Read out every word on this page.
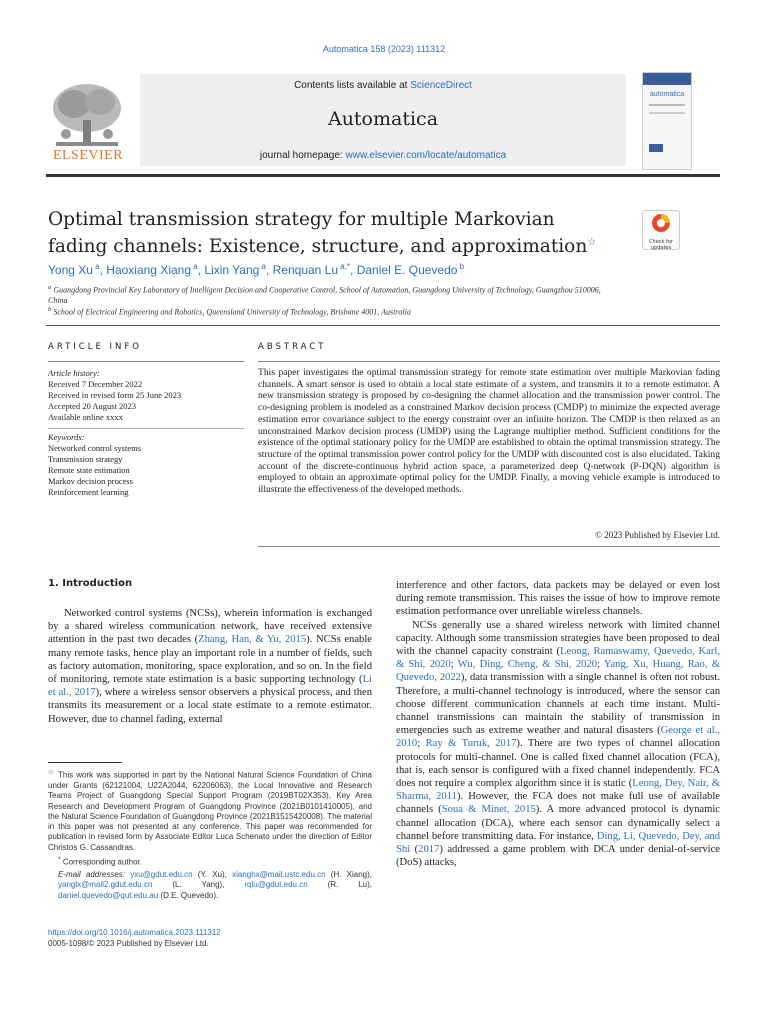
Automatica 158 (2023) 111312
ELSEVIER
Contents lists available at ScienceDirect
Automatica
journal homepage: www.elsevier.com/locate/automatica
automatica
Optimal transmission strategy for multiple Markovian fading channels: Existence, structure, and approximation☆	Check for updates
Yong Xu $^a$, Haoxiang Xiang $^a$, Lixin Yang $^a$, Renquan Lu $^{a,*}$, Daniel E. Quevedo $^b$
$^a$ Guangdong Provincial Key Laboratory of Intelligent Decision and Cooperative Control, School of Automation, Guangdong University of Technology, Guangzhou 510006, China
$^b$ School of Electrical Engineering and Robotics, Queensland University of Technology, Brisbane 4001, Australia
ARTICLE INFO	ABSTRACT
Article history:
Received 7 December 2022
Received in revised form 25 June 2023
Accepted 20 August 2023
Available online xxxx
Keywords:
Networked control systems
Transmission strategy
Remote state estimation
Markov decision process
Reinforcement learning
This paper investigates the optimal transmission strategy for remote state estimation over multiple Markovian fading channels. A smart sensor is used to obtain a local state estimate of a system, and transmits it to a remote estimator. A new transmission strategy is proposed by co-designing the channel allocation and the transmission power control. The co-designing problem is modeled as a constrained Markov decision process (CMDP) to minimize the expected average estimation error covariance subject to the energy constraint over an infinite horizon. The CMDP is then relaxed as an unconstrained Markov decision process (UMDP) using the Lagrange multiplier method. Sufficient conditions for the existence of the optimal stationary policy for the UMDP are established to obtain the optimal transmission strategy. The structure of the optimal transmission power control policy for the UMDP with discounted cost is also elucidated. Taking account of the discrete-continuous hybrid action space, a parameterized deep Q-network (P-DQN) algorithm is employed to obtain an approximate optimal policy for the UMDP. Finally, a moving vehicle example is introduced to illustrate the effectiveness of the developed methods.
© 2023 Published by Elsevier Ltd.
1. Introduction

Networked control systems (NCSs), wherein information is exchanged by a shared wireless communication network, have received extensive attention in the past two decades (Zhang, Han, & Yu, 2015). NCSs enable many remote tasks, hence play an important role in a number of fields, such as factory automation, monitoring, space exploration, and so on. In the field of monitoring, remote state estimation is a basic supporting technology (Li et al., 2017), where a wireless sensor observers a physical process, and then transmits its measurement or a local state estimate to a remote estimator. However, due to channel fading, external

interference and other factors, data packets may be delayed or even lost during remote transmission. This raises the issue of how to improve remote estimation performance over unreliable wireless channels.

NCSs generally use a shared wireless network with limited channel capacity. Although some transmission strategies have been proposed to deal with the channel capacity constraint (Leong, Ramaswamy, Quevedo, Karl, & Shi, 2020; Wu, Ding, Cheng, & Shi, 2020; Yang, Xu, Huang, Rao, & Quevedo, 2022), data transmission with a single channel is often not robust. Therefore, a multi-channel technology is introduced, where the sensor can choose different communication channels at each time instant. Multi-channel transmissions can maintain the stability of transmission in emergencies such as extreme weather and natural disasters (George et al., 2010; Ray & Turuk, 2017). There are two types of channel allocation protocols for multi-channel. One is called fixed channel allocation (FCA), that is, each sensor is configured with a fixed channel independently. FCA does not require a complex algorithm since it is static (Leong, Dey, Nair, & Sharma, 2011). However, the FCA does not make full use of available channels (Soua & Minet, 2015). A more advanced protocol is dynamic channel allocation (DCA), where each sensor can dynamically select a channel before transmitting data. For instance, Ding, Li, Quevedo, Dey, and Shi (2017) addressed a game problem with DCA under denial-of-service (DoS) attacks,

☆ This work was supported in part by the National Natural Science Foundation of China under Grants (62121004, U22A2044, 62206063), the Local Innovative and Research Teams Project of Guangdong Special Support Program (2019BT02X353), Key Area Research and Development Program of Guangdong Province (2021B0101410005), and the Natural Science Foundation of Guangdong Province (2021B1515420008). The material in this paper was not presented at any conference. This paper was recommended for publication in revised form by Associate Editor Luca Schenato under the direction of Editor Christos G. Cassandras.

* Corresponding author.

E-mail addresses: yxu@gdut.edu.cn (Y. Xu), xianghx@mail.ustc.edu.cn (H. Xiang), yanglx@mail2.gdut.edu.cn (L. Yang), rqlu@gdut.edu.cn (R. Lu), daniel.quevedo@qut.edu.au (D.E. Quevedo).

https://doi.org/10.1016/j.automatica.2023.111312
0005-1098/© 2023 Published by Elsevier Ltd.
